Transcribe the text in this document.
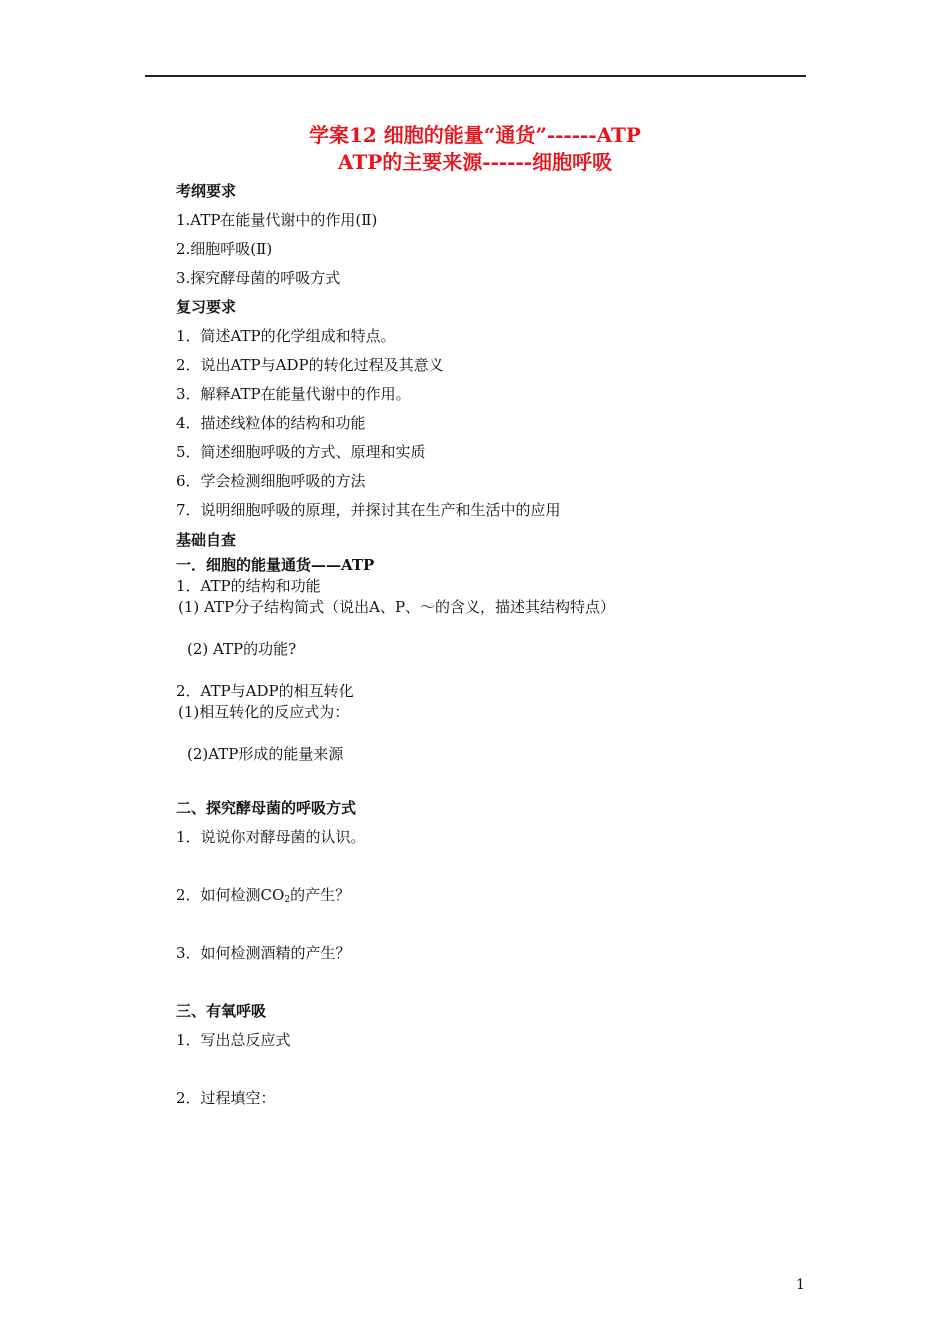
学案12 细胞的能量“通货”------ATP
ATP的主要来源------细胞呼吸
考纲要求
1.ATP在能量代谢中的作用(Ⅱ)
2.细胞呼吸(Ⅱ)
3.探究酵母菌的呼吸方式
复习要求
1．简述ATP的化学组成和特点。
2．说出ATP与ADP的转化过程及其意义
3．解释ATP在能量代谢中的作用。
4．描述线粒体的结构和功能
5．简述细胞呼吸的方式、原理和实质
6．学会检测细胞呼吸的方法
7．说明细胞呼吸的原理，并探讨其在生产和生活中的应用
基础自查
一．细胞的能量通货——ATP
1．ATP的结构和功能
(1) ATP分子结构简式（说出A、P、～的含义，描述其结构特点）
(2) ATP的功能?
2．ATP与ADP的相互转化
(1)相互转化的反应式为：
(2)ATP形成的能量来源
二、探究酵母菌的呼吸方式
1．说说你对酵母菌的认识。
2．如何检测$CO_2$的产生？
3．如何检测酒精的产生？
三、有氧呼吸
1．写出总反应式
2．过程填空：
1
